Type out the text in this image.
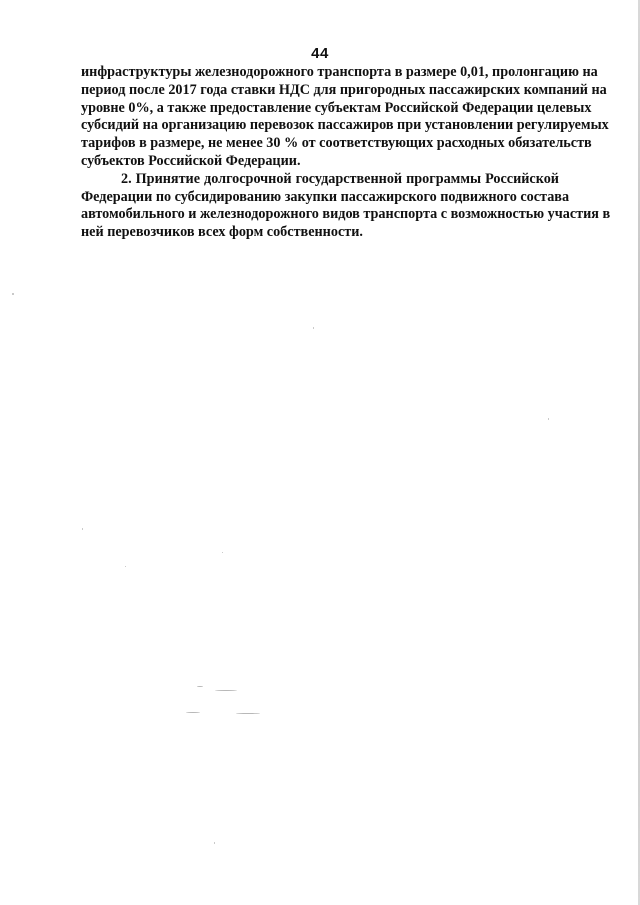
44
инфраструктуры железнодорожного транспорта в размере 0,01, пролонгацию на
период после 2017 года ставки НДС для пригородных пассажирских компаний на
уровне 0%, а также предоставление субъектам Российской Федерации целевых
субсидий на организацию перевозок пассажиров при установлении регулируемых
тарифов в размере, не менее 30 % от соответствующих расходных обязательств
субъектов Российской Федерации.
2. Принятие долгосрочной государственной программы Российской
Федерации по субсидированию закупки пассажирского подвижного состава
автомобильного и железнодорожного видов транспорта с возможностью участия в
ней перевозчиков всех форм собственности.
